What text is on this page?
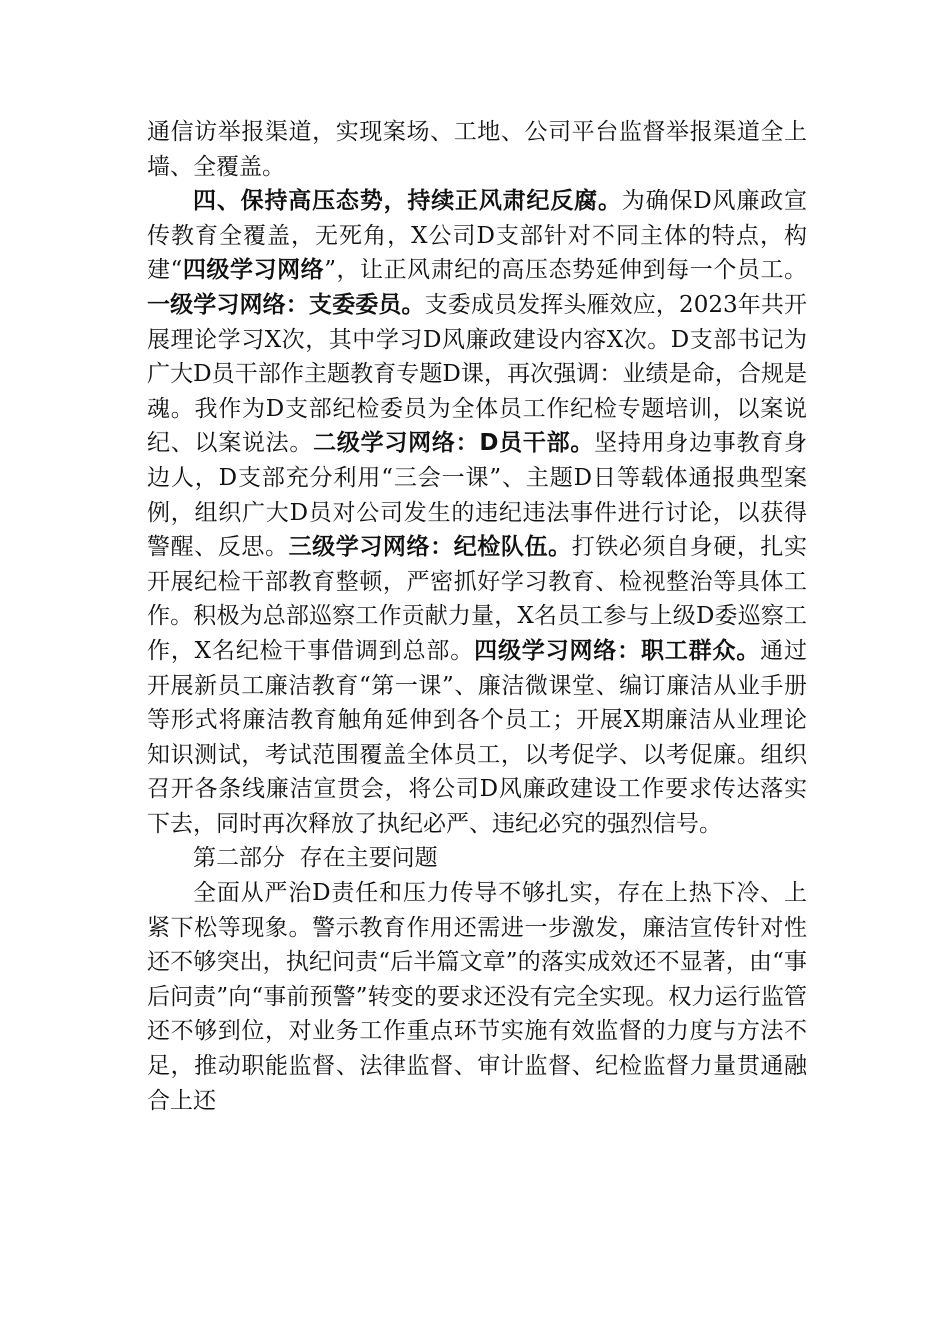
通信访举报渠道，实现案场、工地、公司平台监督举报渠道全上墙、全覆盖。

四、保持高压态势，持续正风肃纪反腐。为确保D风廉政宣传教育全覆盖，无死角，X公司D支部针对不同主体的特点，构建“四级学习网络”，让正风肃纪的高压态势延伸到每一个员工。一级学习网络：支委委员。支委成员发挥头雁效应，2023年共开展理论学习X次，其中学习D风廉政建设内容X次。D支部书记为广大D员干部作主题教育专题D课，再次强调：业绩是命，合规是魂。我作为D支部纪检委员为全体员工作纪检专题培训，以案说纪、以案说法。二级学习网络：D员干部。坚持用身边事教育身边人，D支部充分利用“三会一课”、主题D日等载体通报典型案例，组织广大D员对公司发生的违纪违法事件进行讨论，以获得警醒、反思。三级学习网络：纪检队伍。打铁必须自身硬，扎实开展纪检干部教育整顿，严密抓好学习教育、检视整治等具体工作。积极为总部巡察工作贡献力量，X名员工参与上级D委巡察工作，X名纪检干事借调到总部。四级学习网络：职工群众。通过开展新员工廉洁教育“第一课”、廉洁微课堂、编订廉洁从业手册等形式将廉洁教育触角延伸到各个员工；开展X期廉洁从业理论知识测试，考试范围覆盖全体员工，以考促学、以考促廉。组织召开各条线廉洁宣贯会，将公司D风廉政建设工作要求传达落实下去，同时再次释放了执纪必严、违纪必究的强烈信号。

第二部分  存在主要问题

全面从严治D责任和压力传导不够扎实，存在上热下冷、上紧下松等现象。警示教育作用还需进一步激发，廉洁宣传针对性还不够突出，执纪问责“后半篇文章”的落实成效还不显著，由“事后问责”向“事前预警”转变的要求还没有完全实现。权力运行监管还不够到位，对业务工作重点环节实施有效监督的力度与方法不足，推动职能监督、法律监督、审计监督、纪检监督力量贯通融合上还
